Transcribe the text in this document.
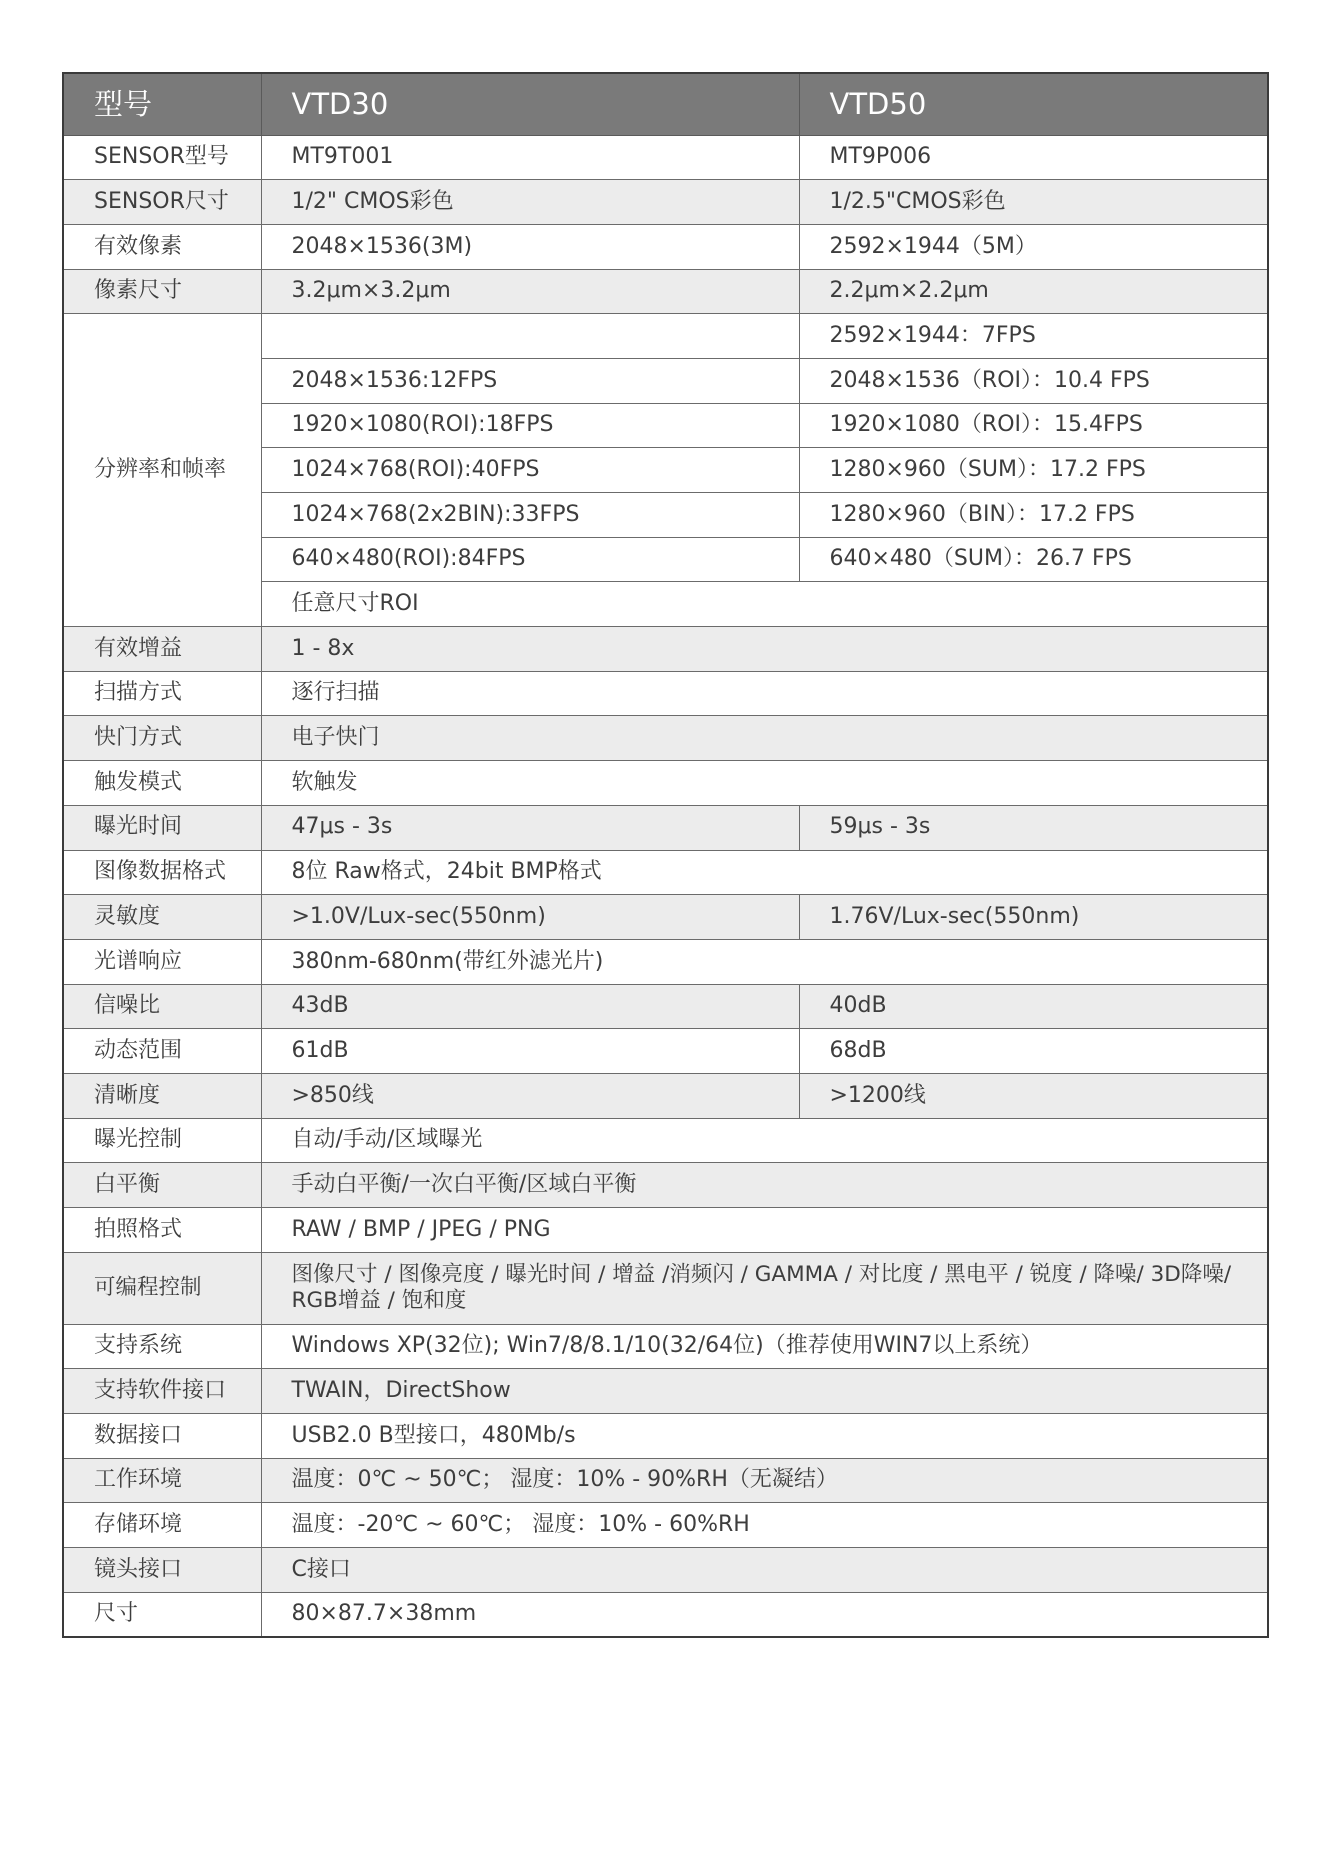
型号	VTD30	VTD50
SENSOR型号	MT9T001	MT9P006
SENSOR尺寸	1/2" CMOS彩色	1/2.5"CMOS彩色
有效像素	2048×1536(3M)	2592×1944（5M）
像素尺寸	3.2μm×3.2μm	2.2μm×2.2μm
分辨率和帧率		2592×1944：7FPS
	2048×1536:12FPS	2048×1536（ROI）：10.4 FPS
	1920×1080(ROI):18FPS	1920×1080（ROI）：15.4FPS
	1024×768(ROI):40FPS	1280×960（SUM）：17.2 FPS
	1024×768(2x2BIN):33FPS	1280×960（BIN）：17.2 FPS
	640×480(ROI):84FPS	640×480（SUM）：26.7 FPS
	任意尺寸ROI	
有效增益	1 - 8x	
扫描方式	逐行扫描	
快门方式	电子快门	
触发模式	软触发	
曝光时间	47μs - 3s	59μs - 3s
图像数据格式	8位 Raw格式，24bit BMP格式	
灵敏度	>1.0V/Lux-sec(550nm)	1.76V/Lux-sec(550nm)
光谱响应	380nm-680nm(带红外滤光片)	
信噪比	43dB	40dB
动态范围	61dB	68dB
清晰度	>850线	>1200线
曝光控制	自动/手动/区域曝光	
白平衡	手动白平衡/一次白平衡/区域白平衡	
拍照格式	RAW / BMP / JPEG / PNG	
可编程控制	图像尺寸 / 图像亮度 / 曝光时间 / 增益 /消频闪 / GAMMA / 对比度 / 黑电平 / 锐度 / 降噪/ 3D降噪/ RGB增益 / 饱和度	
支持系统	Windows XP(32位); Win7/8/8.1/10(32/64位)（推荐使用WIN7以上系统）	
支持软件接口	TWAIN，DirectShow	
数据接口	USB2.0 B型接口，480Mb/s	
工作环境	温度：0℃ ~ 50℃； 湿度：10% - 90%RH（无凝结）	
存储环境	温度：-20℃ ~ 60℃； 湿度：10% - 60%RH	
镜头接口	C接口	
尺寸	80×87.7×38mm	
